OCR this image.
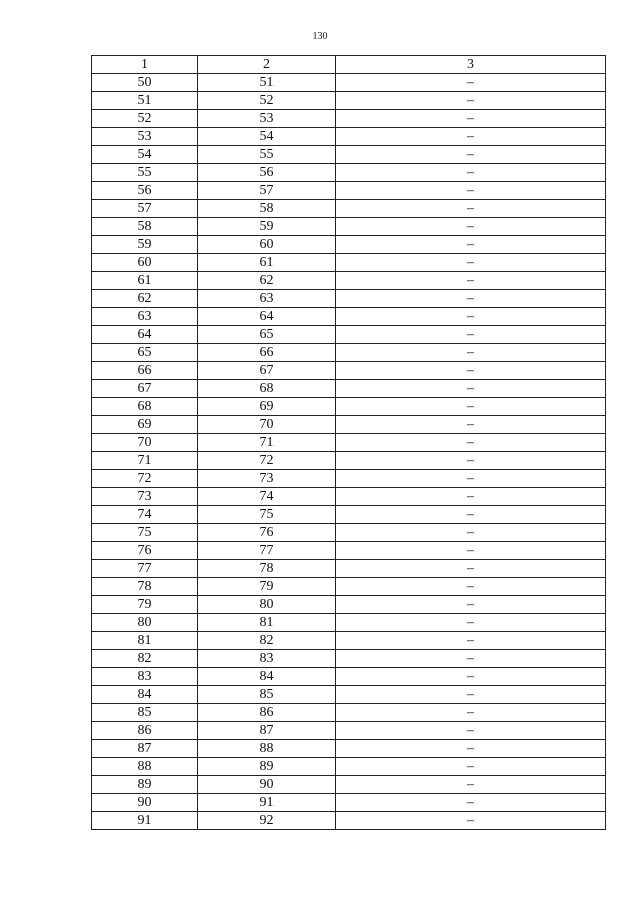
130
1	2	3
50	51	–
51	52	–
52	53	–
53	54	–
54	55	–
55	56	–
56	57	–
57	58	–
58	59	–
59	60	–
60	61	–
61	62	–
62	63	–
63	64	–
64	65	–
65	66	–
66	67	–
67	68	–
68	69	–
69	70	–
70	71	–
71	72	–
72	73	–
73	74	–
74	75	–
75	76	–
76	77	–
77	78	–
78	79	–
79	80	–
80	81	–
81	82	–
82	83	–
83	84	–
84	85	–
85	86	–
86	87	–
87	88	–
88	89	–
89	90	–
90	91	–
91	92	–
